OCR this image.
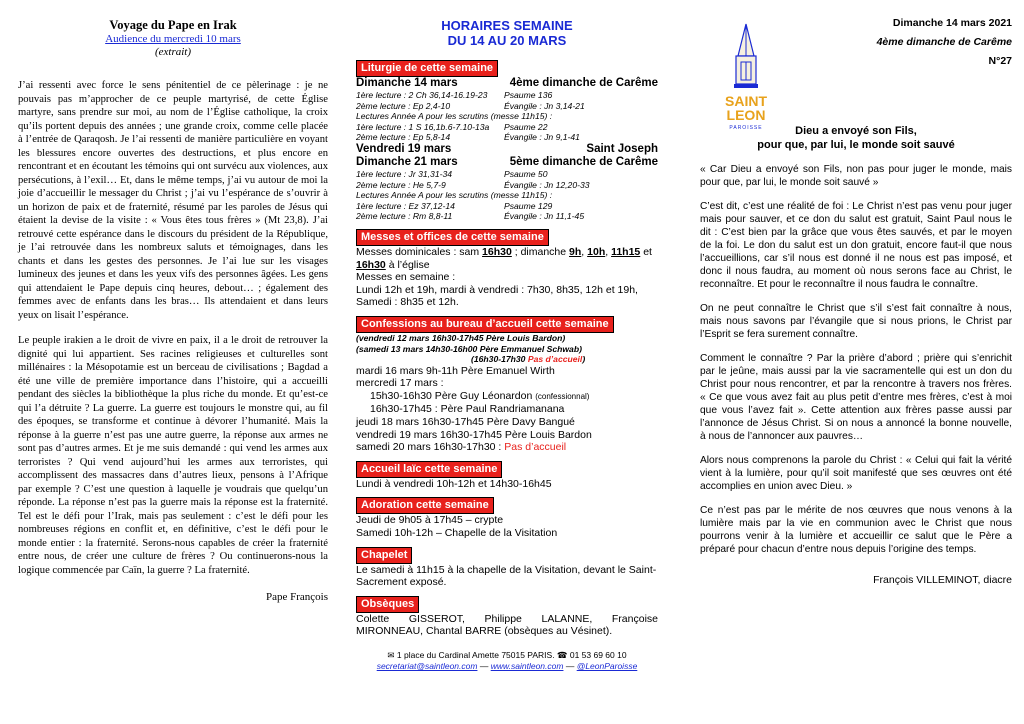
Voyage du Pape en Irak
Audience du mercredi 10 mars
(extrait)

J’ai ressenti avec force le sens pénitentiel de ce pèlerinage : je ne pouvais pas m’approcher de ce peuple martyrisé, de cette Église martyre, sans prendre sur moi, au nom de l’Église catholique, la croix qu’ils portent depuis des années ; une grande croix, comme celle placée à l’entrée de Qaraqosh. Je l’ai ressenti de manière particulière en voyant les blessures encore ouvertes des destructions, et plus encore en rencontrant et en écoutant les témoins qui ont survécu aux violences, aux persécutions, à l’exil… Et, dans le même temps, j’ai vu autour de moi la joie d’accueillir le messager du Christ ; j’ai vu l’espérance de s’ouvrir à un horizon de paix et de fraternité, résumé par les paroles de Jésus qui étaient la devise de la visite : « Vous êtes tous frères » (Mt 23,8). J’ai retrouvé cette espérance dans le discours du président de la République, je l’ai retrouvée dans les nombreux saluts et témoignages, dans les chants et dans les gestes des personnes. Je l’ai lue sur les visages lumineux des jeunes et dans les yeux vifs des personnes âgées. Les gens qui attendaient le Pape depuis cinq heures, debout… ; également des femmes avec de enfants dans les bras… Ils attendaient et dans leurs yeux on lisait l’espérance.

Le peuple irakien a le droit de vivre en paix, il a le droit de retrouver la dignité qui lui appartient. Ses racines religieuses et culturelles sont millénaires : la Mésopotamie est un berceau de civilisations ; Bagdad a été une ville de première importance dans l’histoire, qui a accueilli pendant des siècles la bibliothèque la plus riche du monde. Et qu’est-ce qui l’a détruite ? La guerre. La guerre est toujours le monstre qui, au fil des époques, se transforme et continue à dévorer l’humanité. Mais la réponse à la guerre n’est pas une autre guerre, la réponse aux armes ne sont pas d’autres armes. Et je me suis demandé : qui vend les armes aux terroristes ? Qui vend aujourd’hui les armes aux terroristes, qui accomplissent des massacres dans d’autres lieux, pensons à l’Afrique par exemple ? C’est une question à laquelle je voudrais que quelqu’un réponde. La réponse n’est pas la guerre mais la réponse est la fraternité. Tel est le défi pour l’Irak, mais pas seulement : c’est le défi pour les nombreuses régions en conflit et, en définitive, c’est le défi pour le monde entier : la fraternité. Serons-nous capables de créer la fraternité entre nous, de créer une culture de frères ? Ou continuerons-nous la logique commencée par Caïn, la guerre ? La fraternité.

Pape François
HORAIRES SEMAINE
DU 14 AU 20 MARS
Liturgie de cette semaine
Dimanche 14 mars	4ème dimanche de Carême
1ère lecture : 2 Ch 36,14-16.19-23 Psaume 136
2ème lecture : Ep 2,4-10	Évangile : Jn 3,14-21
Lectures Année A pour les scrutins (messe 11h15) :
1ère lecture : 1 S 16,1b.6-7.10-13a Psaume 22
2ème lecture : Ep 5,8-14	Évangile : Jn 9,1-41
Vendredi 19 mars	Saint Joseph
Dimanche 21 mars	5ème dimanche de Carême
1ère lecture : Jr 31,31-34	Psaume 50
2ème lecture : He 5,7-9	Évangile : Jn 12,20-33
Lectures Année A pour les scrutins (messe 11h15) :
1ère lecture : Ez 37,12-14	Psaume 129
2ème lecture : Rm 8,8-11	Évangile : Jn 11,1-45
Messes et offices de cette semaine
Messes dominicales : sam 16h30 ; dimanche 9h, 10h, 11h15 et 16h30 à l’église
Messes en semaine :
Lundi 12h et 19h, mardi à vendredi : 7h30, 8h35, 12h et 19h, Samedi : 8h35 et 12h.
Confessions au bureau d’accueil cette semaine
(vendredi 12 mars 16h30-17h45 Père Louis Bardon)
(samedi 13 mars 14h30-16h00 Père Emmanuel Schwab)
(16h30-17h30 Pas d’accueil)
mardi 16 mars 9h-11h Père Emanuel Wirth
mercredi 17 mars :
15h30-16h30 Père Guy Léonardon (confessionnal)
16h30-17h45 : Père Paul Randriamanana
jeudi 18 mars 16h30-17h45 Père Davy Bangué
vendredi 19 mars 16h30-17h45 Père Louis Bardon
samedi 20 mars 16h30-17h30 : Pas d’accueil
Accueil laïc cette semaine
Lundi à vendredi 10h-12h et 14h30-16h45
Adoration cette semaine
Jeudi de 9h05 à 17h45 – crypte
Samedi 10h-12h – Chapelle de la Visitation
Chapelet
Le samedi à 11h15 à la chapelle de la Visitation, devant le Saint-Sacrement exposé.
Obsèques
Colette GISSEROT, Philippe LALANNE, Françoise MIRONNEAU, Chantal BARRE (obsèques au Vésinet).
✉ 1 place du Cardinal Amette 75015 PARIS. ☎ 01 53 69 60 10
secretariat@saintleon.com — www.saintleon.com — @LeonParoisse
SAINT
LEON
PAROISSE
Dimanche 14 mars 2021
4ème dimanche de Carême
N°27
Dieu a envoyé son Fils,
pour que, par lui, le monde soit sauvé

« Car Dieu a envoyé son Fils, non pas pour juger le monde, mais pour que, par lui, le monde soit sauvé »

C’est dit, c’est une réalité de foi : Le Christ n’est pas venu pour juger mais pour sauver, et ce don du salut est gratuit, Saint Paul nous le dit : C’est bien par la grâce que vous êtes sauvés, et par le moyen de la foi. Le don du salut est un don gratuit, encore faut-il que nous l’accueillions, car s’il nous est donné il ne nous est pas imposé, et donc il nous faudra, au moment où nous serons face au Christ, le reconnaître. Et pour le reconnaître il nous faudra le connaître.

On ne peut connaître le Christ que s’il s’est fait connaître à nous, mais nous savons par l’évangile que si nous prions, le Christ par l’Esprit se fera surement connaître.

Comment le connaître ? Par la prière d’abord ; prière qui s’enrichit par le jeûne, mais aussi par la vie sacramentelle qui est un don du Christ pour nous rencontrer, et par la rencontre à travers nos frères. « Ce que vous avez fait au plus petit d’entre mes frères, c’est à moi que vous l’avez fait ». Cette attention aux frères passe aussi par l’annonce de Jésus Christ. Si on nous a annoncé la bonne nouvelle, à nous de l’annoncer aux pauvres…

Alors nous comprenons la parole du Christ : « Celui qui fait la vérité vient à la lumière, pour qu’il soit manifesté que ses œuvres ont été accomplies en union avec Dieu. »

Ce n’est pas par le mérite de nos œuvres que nous venons à la lumière mais par la vie en communion avec le Christ que nous pourrons venir à la lumière et accueillir ce salut que le Père a préparé pour chacun d’entre nous depuis l’origine des temps.

François VILLEMINOT, diacre
